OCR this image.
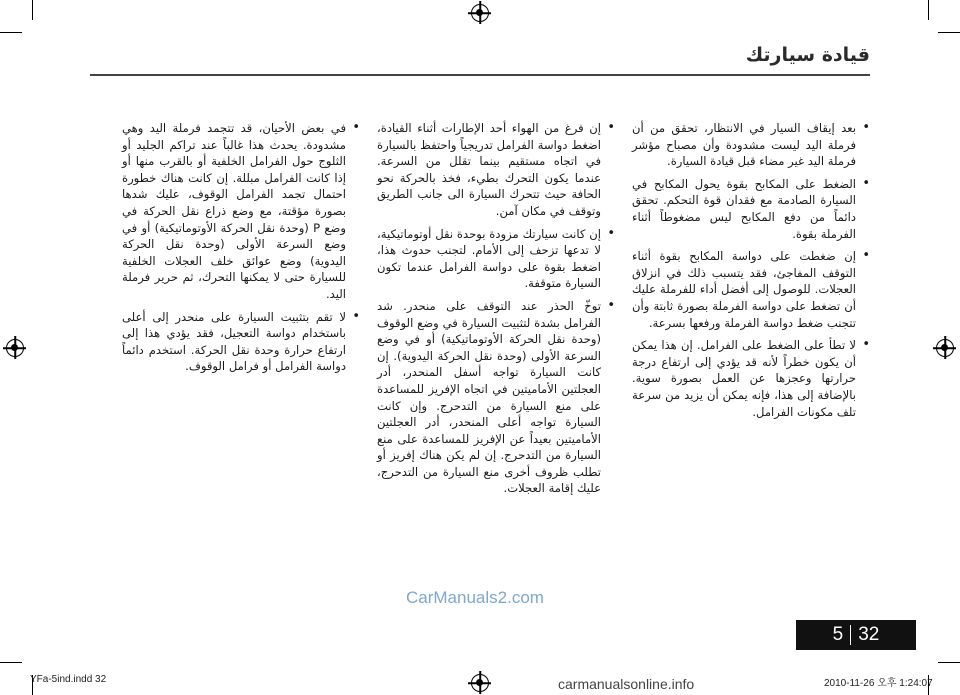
قيادة سيارتك
• بعد إيقاف السيار في الانتظار، تحقق من أن فرملة اليد ليست مشدودة وأن مصباح مؤشر فرملة اليد غير مضاء قبل قيادة السيارة.
• الضغط على المكابح بقوة يحول المكابح في السيارة الصادمة مع فقدان قوة التحكم. تحقق دائماً من دفع المكابح ليس مضغوطاً أثناء الفرملة بقوة.
• إن ضغطت على دواسة المكابح بقوة أثناء التوقف المفاجئ، فقد يتسبب ذلك في انزلاق العجلات. للوصول إلى أفضل أداء للفرملة عليك أن تضغط على دواسة الفرملة بصورة ثابتة وأن تتجنب ضغط دواسة الفرملة ورفعها بسرعة.
• لا تطأ على الضغط على الفرامل. إن هذا يمكن أن يكون خطراً لأنه قد يؤدي إلى ارتفاع درجة حرارتها وعجزها عن العمل بصورة سوية. بالإضافة إلى هذا، فإنه يمكن أن يزيد من سرعة تلف مكونات الفرامل.
• إن فرغ من الهواء أحد الإطارات أثناء القيادة، اضغط دواسة الفرامل تدريجياً واحتفظ بالسيارة في اتجاه مستقيم بينما تقلل من السرعة. عندما يكون التحرك بطيء، فخذ بالحركة نحو الحافة حيث تتحرك السيارة الى جانب الطريق وتوقف في مكان آمن.
• إن كانت سيارتك مزودة بوحدة نقل أوتوماتيكية، لا تدعها تزحف إلى الأمام. لتجنب حدوث هذا، اضغط بقوة على دواسة الفرامل عندما تكون السيارة متوقفة.
• توخّ الحذر عند التوقف على منحدر. شد الفرامل بشدة لتثبيت السيارة في وضع الوقوف (وحدة نقل الحركة الأوتوماتيكية) أو في وضع السرعة الأولى (وحدة نقل الحركة اليدوية). إن كانت السيارة تواجه أسفل المنحدر، أدر العجلتين الأماميتين في اتجاه الإفريز للمساعدة على منع السيارة من التدحرج. وإن كانت السيارة تواجه أعلى المنحدر، أدر العجلتين الأماميتين بعيداً عن الإفريز للمساعدة على منع السيارة من التدحرج. إن لم يكن هناك إفريز أو تطلب ظروف أخرى منع السيارة من التدحرج، عليك إقامة العجلات.
• في بعض الأحيان، قد تتجمد فرملة اليد وهي مشدودة. يحدث هذا غالباً عند تراكم الجليد أو الثلوج حول الفرامل الخلفية أو بالقرب منها أو إذا كانت الفرامل مبللة. إن كانت هناك خطورة احتمال تجمد الفرامل الوقوف، عليك شدها بصورة مؤقتة، مع وضع ذراع نقل الحركة في وضع P (وحدة نقل الحركة الأوتوماتيكية) أو في وضع السرعة الأولى (وحدة نقل الحركة اليدوية) وضع عوائق خلف العجلات الخلفية للسيارة حتى لا يمكنها التحرك، ثم حرير فرملة اليد.
• لا تقم بتثبيت السيارة على منحدر إلى أعلى باستخدام دواسة التعجيل، فقد يؤدي هذا إلى ارتفاع حرارة وحدة نقل الحركة. استخدم دائماً دواسة الفرامل أو فرامل الوقوف.
CarManuals2.com
5 32
YFa-5ind.indd 32	carmanualsonline.info	2010-11-26 오후 1:24:07
